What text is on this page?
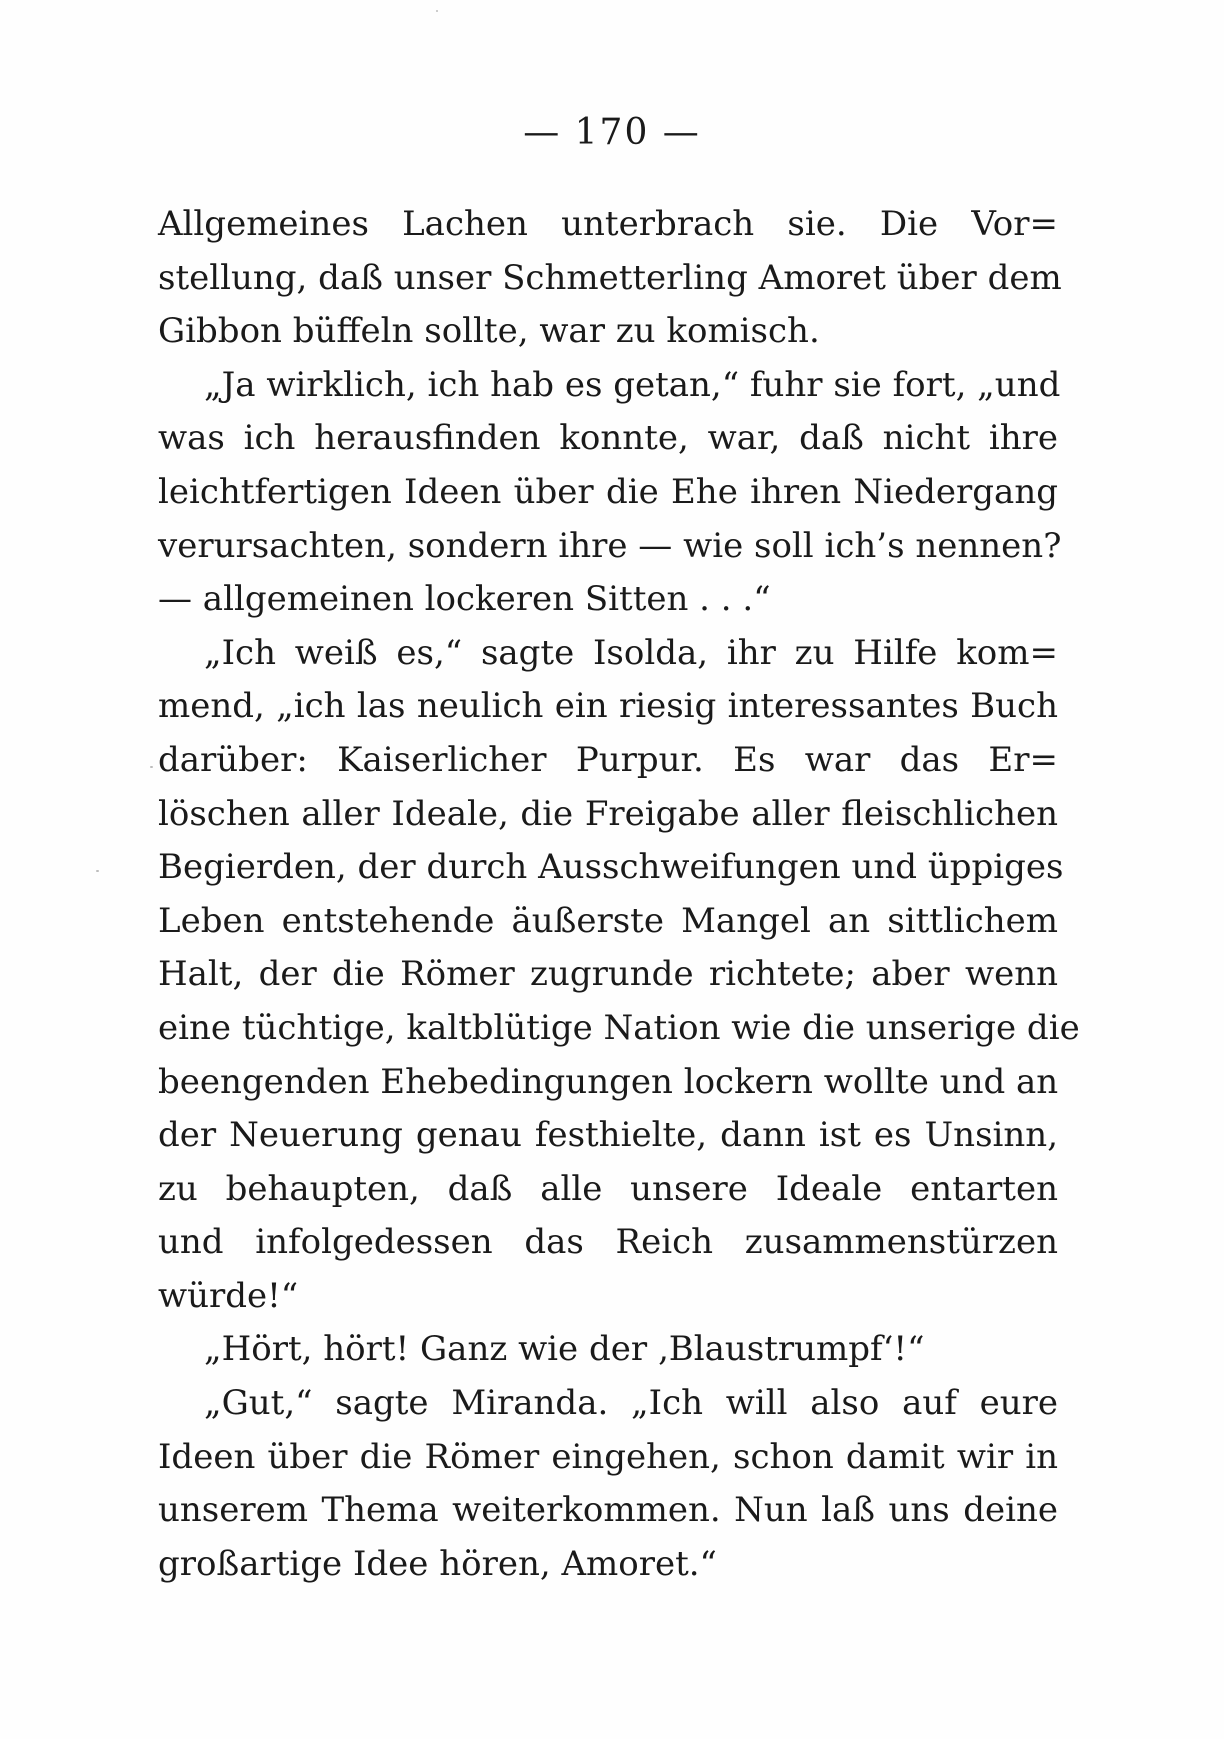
— 170 —
Allgemeines Lachen unterbrach sie. Die Vor=
stellung, daß unser Schmetterling Amoret über dem
Gibbon büffeln sollte, war zu komisch.
„Ja wirklich, ich hab es getan,“ fuhr sie fort, „und
was ich herausfinden konnte, war, daß nicht ihre
leichtfertigen Ideen über die Ehe ihren Niedergang
verursachten, sondern ihre — wie soll ich’s nennen?
— allgemeinen lockeren Sitten . . .“
„Ich weiß es,“ sagte Isolda, ihr zu Hilfe kom=
mend, „ich las neulich ein riesig interessantes Buch
darüber: Kaiserlicher Purpur. Es war das Er=
löschen aller Ideale, die Freigabe aller fleischlichen
Begierden, der durch Ausschweifungen und üppiges
Leben entstehende äußerste Mangel an sittlichem
Halt, der die Römer zugrunde richtete; aber wenn
eine tüchtige, kaltblütige Nation wie die unserige die
beengenden Ehebedingungen lockern wollte und an
der Neuerung genau festhielte, dann ist es Unsinn,
zu behaupten, daß alle unsere Ideale entarten
und infolgedessen das Reich zusammenstürzen
würde!“
„Hört, hört! Ganz wie der ‚Blaustrumpf‘!“
„Gut,“ sagte Miranda. „Ich will also auf eure
Ideen über die Römer eingehen, schon damit wir in
unserem Thema weiterkommen. Nun laß uns deine
großartige Idee hören, Amoret.“
